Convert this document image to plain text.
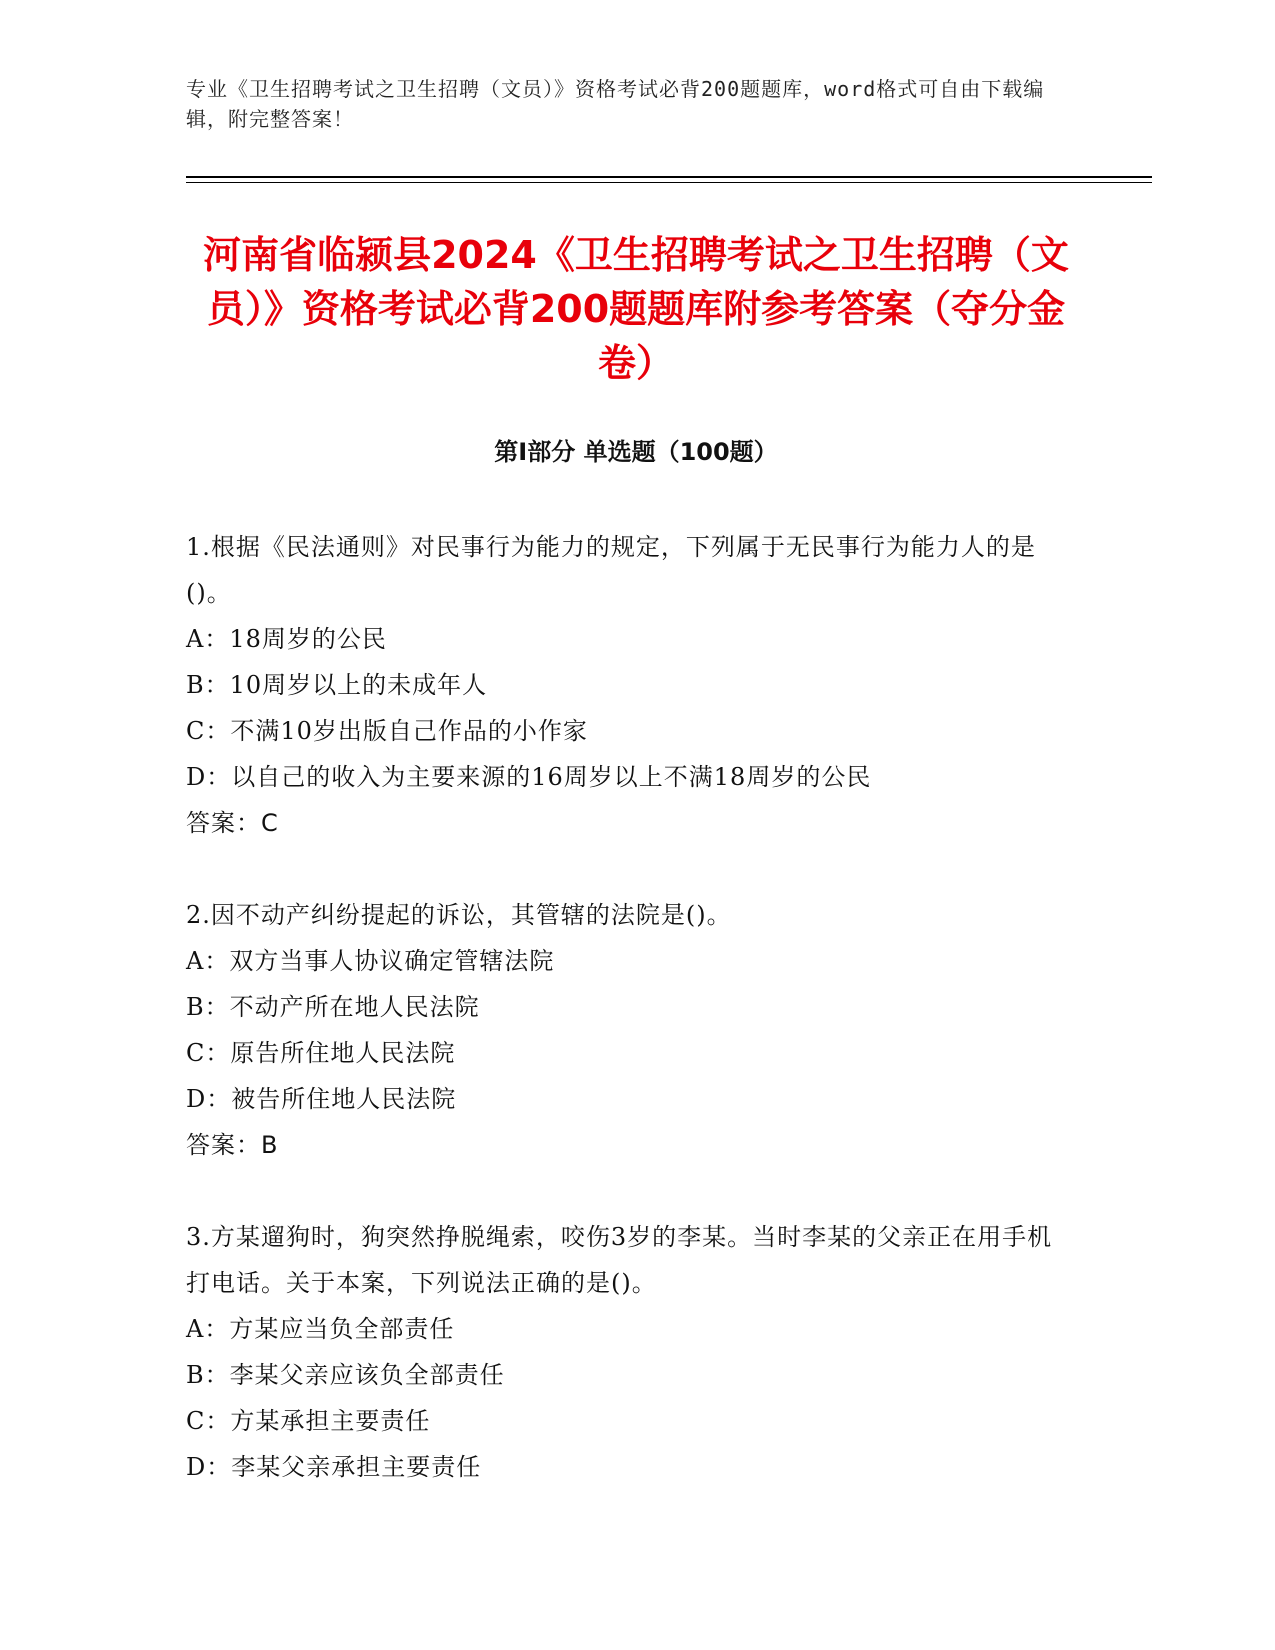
专业《卫生招聘考试之卫生招聘（文员）》资格考试必背200题题库，word格式可自由下载编辑，附完整答案！
河南省临颍县2024《卫生招聘考试之卫生招聘（文员）》资格考试必背200题题库附参考答案（夺分金卷）
第Ⅰ部分 单选题（100题）

1.根据《民法通则》对民事行为能力的规定，下列属于无民事行为能力人的是()。

A：18周岁的公民

B：10周岁以上的未成年人

C：不满10岁出版自己作品的小作家

D：以自己的收入为主要来源的16周岁以上不满18周岁的公民

答案：C

2.因不动产纠纷提起的诉讼，其管辖的法院是()。

A：双方当事人协议确定管辖法院

B：不动产所在地人民法院

C：原告所住地人民法院

D：被告所住地人民法院

答案：B

3.方某遛狗时，狗突然挣脱绳索，咬伤3岁的李某。当时李某的父亲正在用手机打电话。关于本案，下列说法正确的是()。

A：方某应当负全部责任

B：李某父亲应该负全部责任

C：方某承担主要责任

D：李某父亲承担主要责任
